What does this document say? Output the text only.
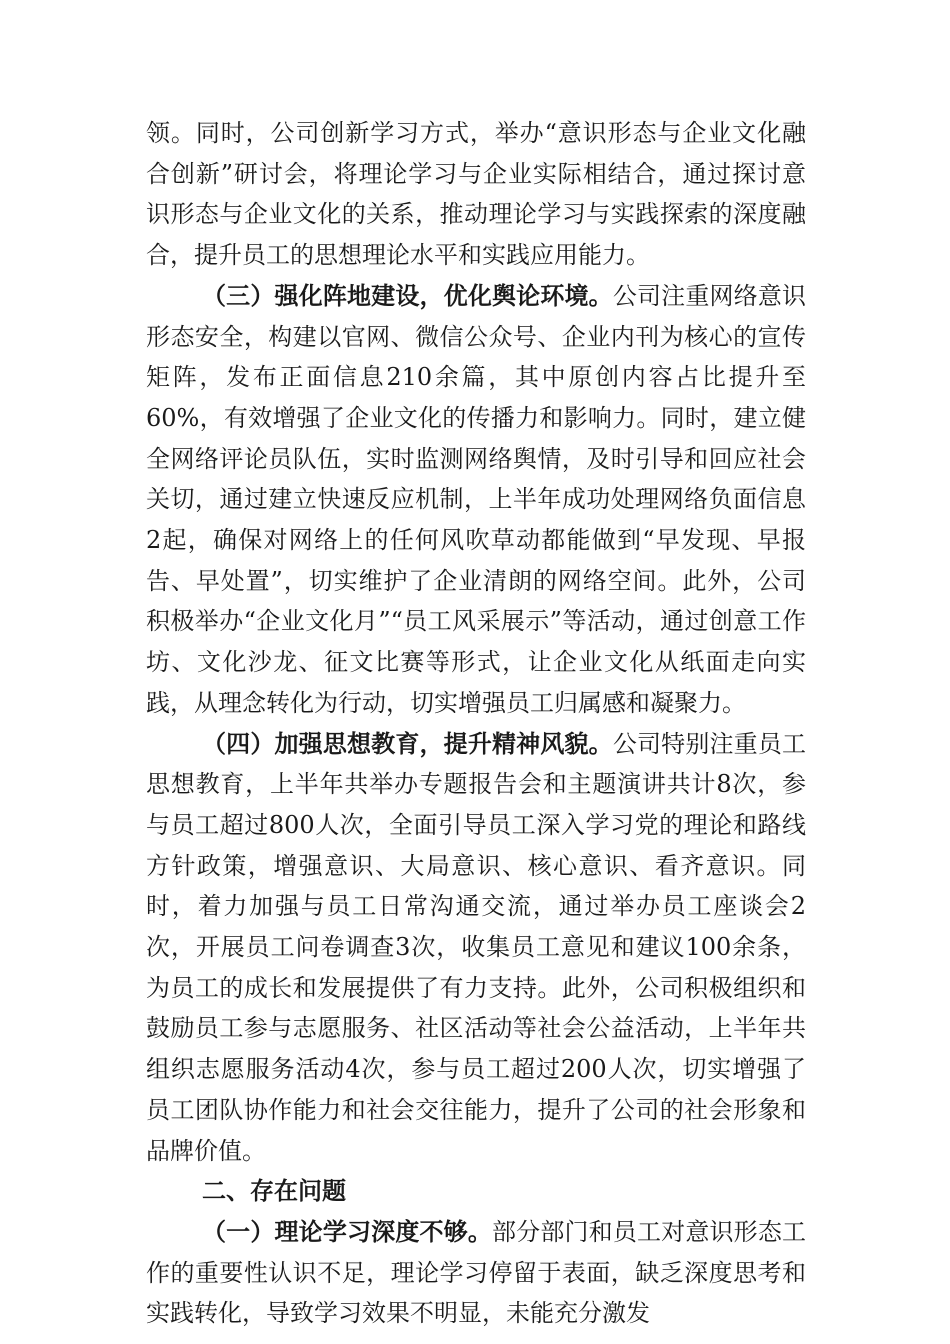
领。同时，公司创新学习方式，举办“意识形态与企业文化融合创新”研讨会，将理论学习与企业实际相结合，通过探讨意识形态与企业文化的关系，推动理论学习与实践探索的深度融合，提升员工的思想理论水平和实践应用能力。

（三）强化阵地建设，优化舆论环境。公司注重网络意识形态安全，构建以官网、微信公众号、企业内刊为核心的宣传矩阵，发布正面信息210余篇，其中原创内容占比提升至60%，有效增强了企业文化的传播力和影响力。同时，建立健全网络评论员队伍，实时监测网络舆情，及时引导和回应社会关切，通过建立快速反应机制，上半年成功处理网络负面信息2起，确保对网络上的任何风吹草动都能做到“早发现、早报告、早处置”，切实维护了企业清朗的网络空间。此外，公司积极举办“企业文化月”“员工风采展示”等活动，通过创意工作坊、文化沙龙、征文比赛等形式，让企业文化从纸面走向实践，从理念转化为行动，切实增强员工归属感和凝聚力。

（四）加强思想教育，提升精神风貌。公司特别注重员工思想教育，上半年共举办专题报告会和主题演讲共计8次，参与员工超过800人次，全面引导员工深入学习党的理论和路线方针政策，增强意识、大局意识、核心意识、看齐意识。同时，着力加强与员工日常沟通交流，通过举办员工座谈会2次，开展员工问卷调查3次，收集员工意见和建议100余条，为员工的成长和发展提供了有力支持。此外，公司积极组织和鼓励员工参与志愿服务、社区活动等社会公益活动，上半年共组织志愿服务活动4次，参与员工超过200人次，切实增强了员工团队协作能力和社会交往能力，提升了公司的社会形象和品牌价值。

二、存在问题

（一）理论学习深度不够。部分部门和员工对意识形态工作的重要性认识不足，理论学习停留于表面，缺乏深度思考和实践转化，导致学习效果不明显，未能充分激发
